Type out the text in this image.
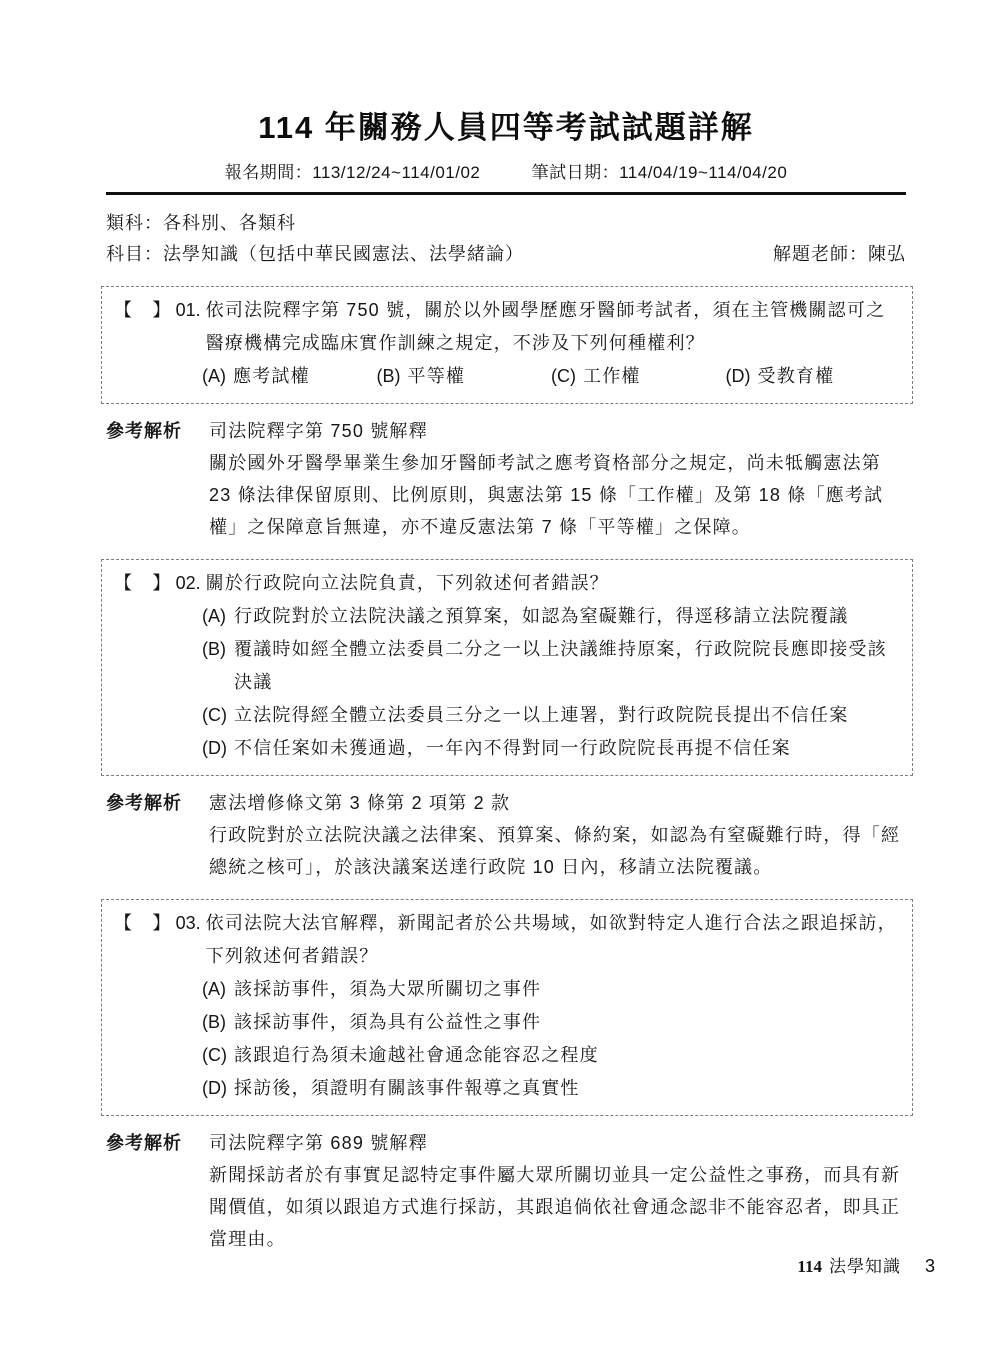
114 年關務人員四等考試試題詳解
報名期間：113/12/24~114/01/02	筆試日期：114/04/19~114/04/20
類科：各科別、各類科
科目：法學知識（包括中華民國憲法、法學緒論）	解題老師：陳弘
【　】 01. 依司法院釋字第 750 號，關於以外國學歷應牙醫師考試者，須在主管機關認可之醫療機構完成臨床實作訓練之規定，不涉及下列何種權利？
(A) 應考試權	(B) 平等權	(C) 工作權	(D) 受教育權
參考解析	司法院釋字第 750 號解釋
關於國外牙醫學畢業生參加牙醫師考試之應考資格部分之規定，尚未牴觸憲法第 23 條法律保留原則、比例原則，與憲法第 15 條「工作權」及第 18 條「應考試權」之保障意旨無違，亦不違反憲法第 7 條「平等權」之保障。
【　】 02. 關於行政院向立法院負責，下列敘述何者錯誤？
(A) 行政院對於立法院決議之預算案，如認為窒礙難行，得逕移請立法院覆議
(B) 覆議時如經全體立法委員二分之一以上決議維持原案，行政院院長應即接受該決議
(C) 立法院得經全體立法委員三分之一以上連署，對行政院院長提出不信任案
(D) 不信任案如未獲通過，一年內不得對同一行政院院長再提不信任案
參考解析	憲法增修條文第 3 條第 2 項第 2 款
行政院對於立法院決議之法律案、預算案、條約案，如認為有窒礙難行時，得「經總統之核可」，於該決議案送達行政院 10 日內，移請立法院覆議。
【　】 03. 依司法院大法官解釋，新聞記者於公共場域，如欲對特定人進行合法之跟追採訪，下列敘述何者錯誤？
(A) 該採訪事件，須為大眾所關切之事件
(B) 該採訪事件，須為具有公益性之事件
(C) 該跟追行為須未逾越社會通念能容忍之程度
(D) 採訪後，須證明有關該事件報導之真實性
參考解析	司法院釋字第 689 號解釋
新聞採訪者於有事實足認特定事件屬大眾所關切並具一定公益性之事務，而具有新聞價值，如須以跟追方式進行採訪，其跟追倘依社會通念認非不能容忍者，即具正當理由。
114 法學知識 3
